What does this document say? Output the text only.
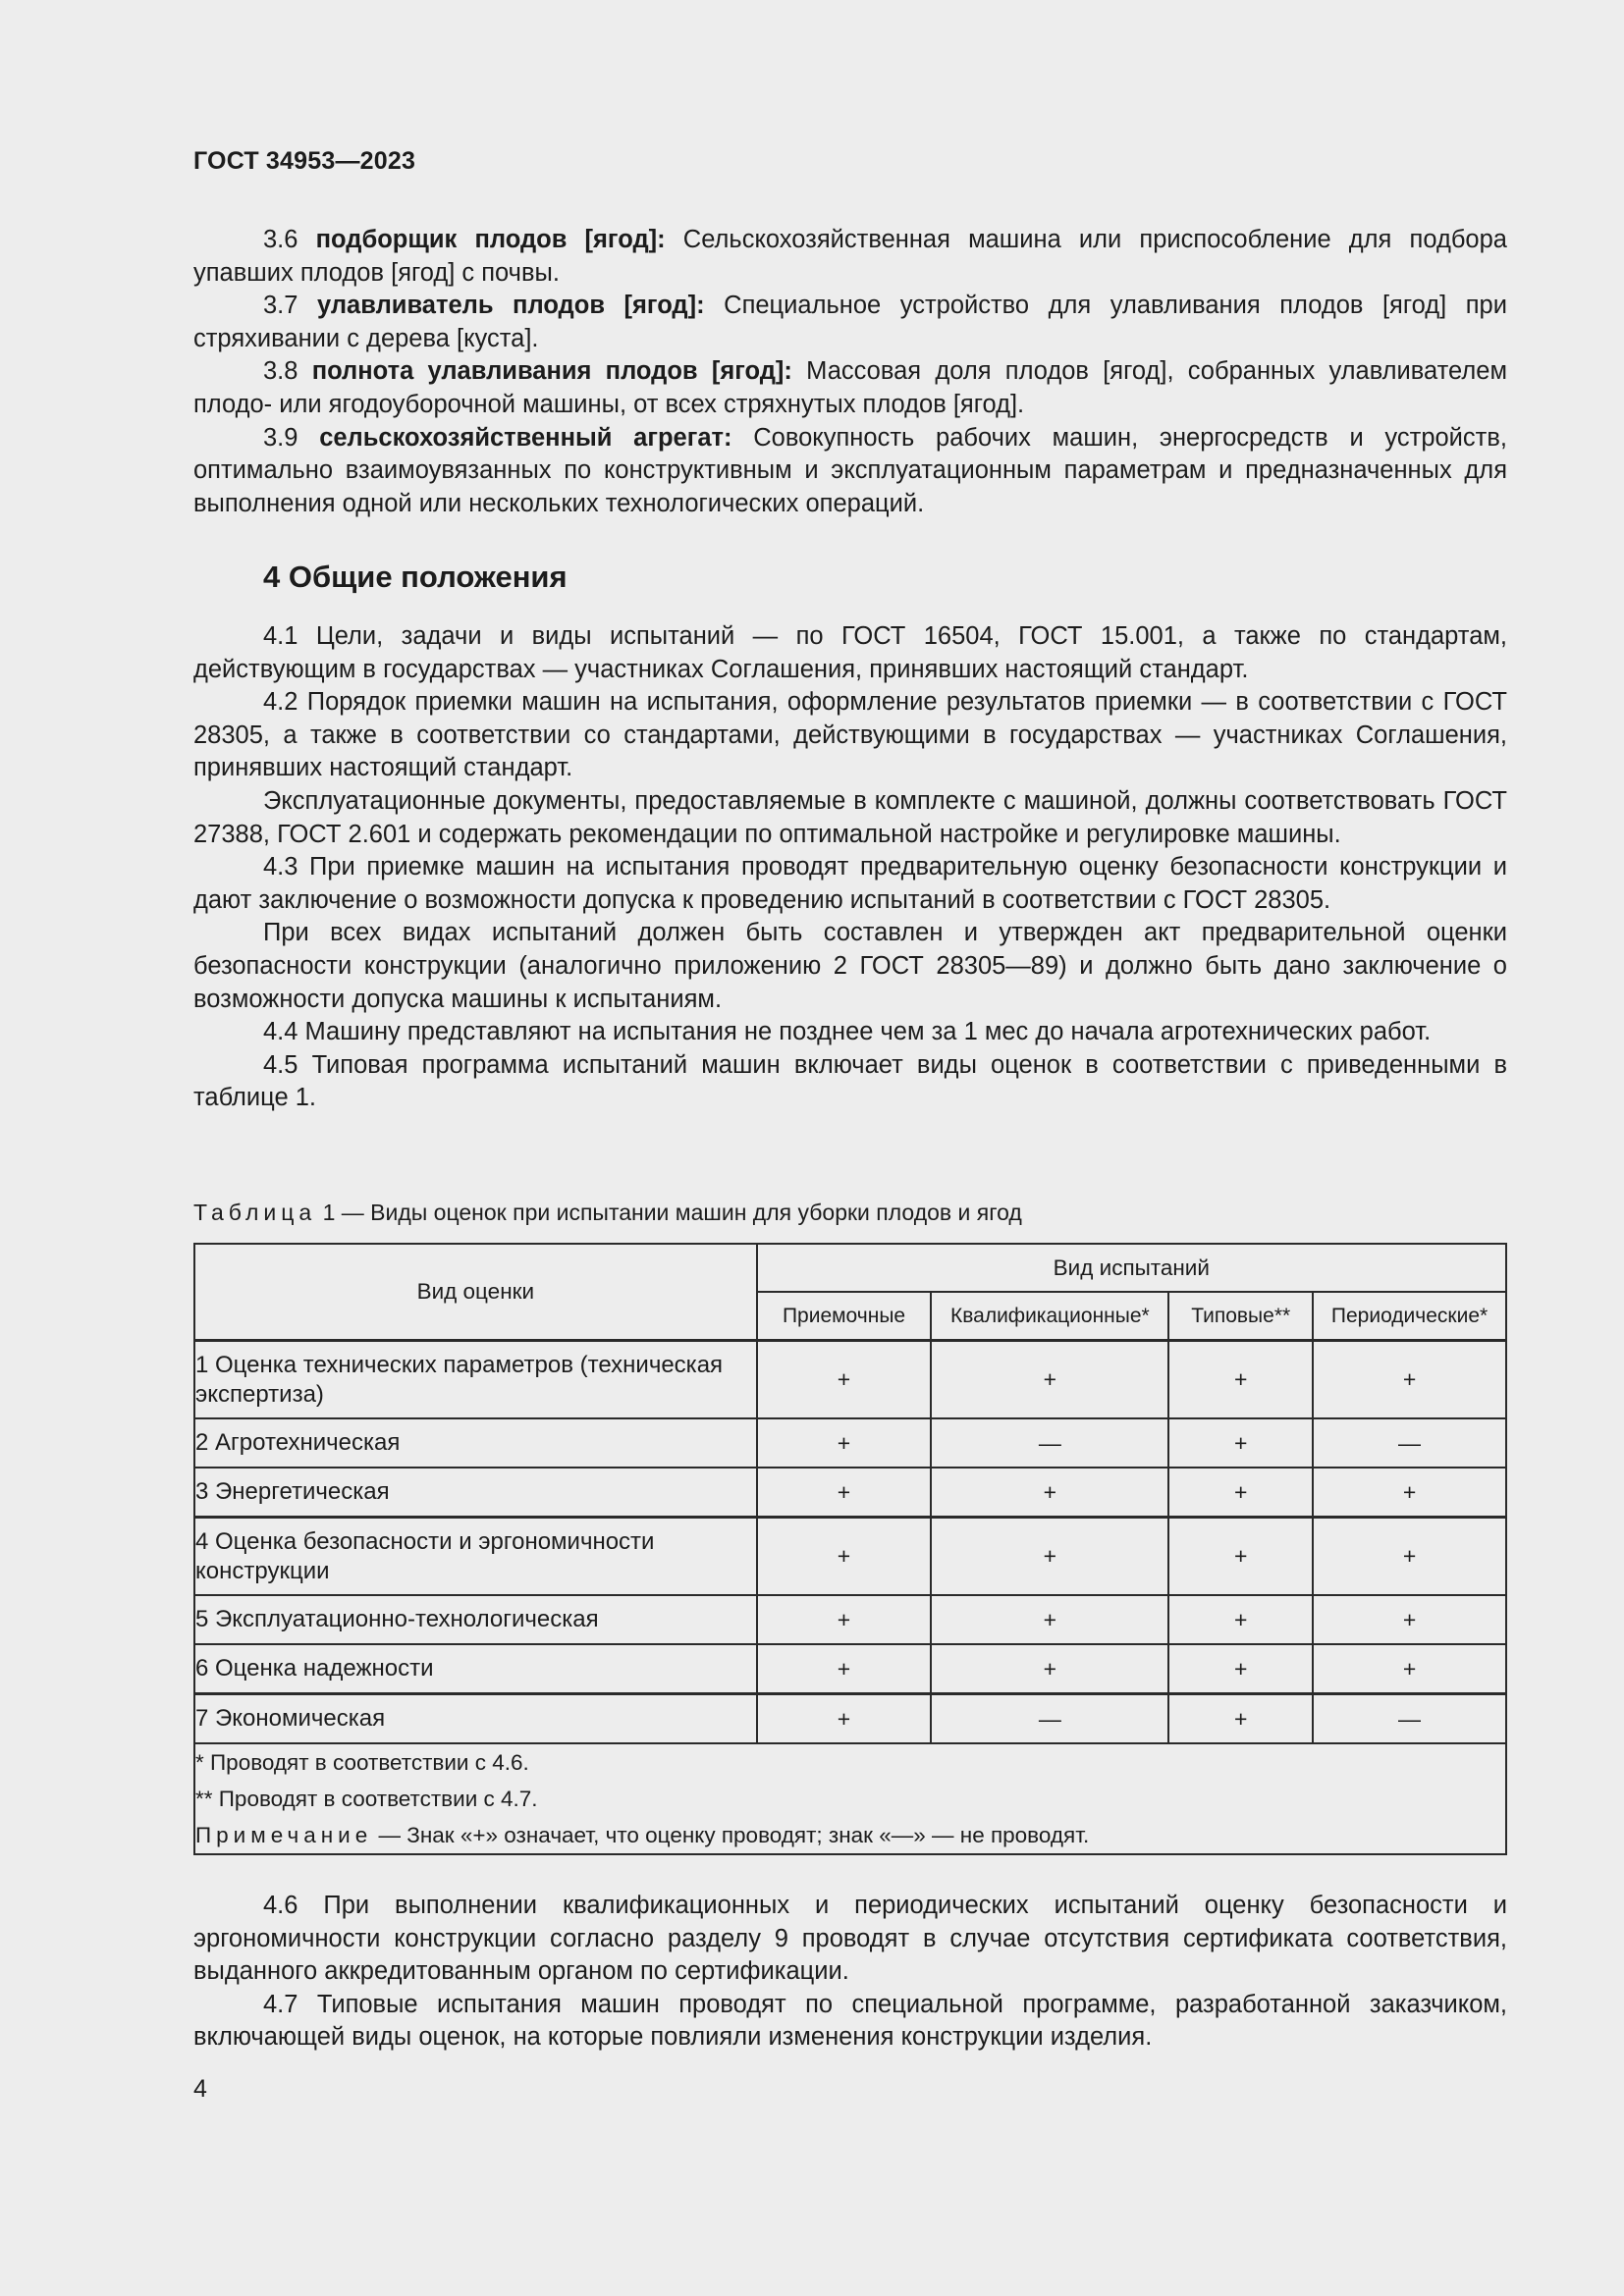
ГОСТ 34953—2023

3.6 подборщик плодов [ягод]: Сельскохозяйственная машина или приспособление для подбора упавших плодов [ягод] с почвы.

3.7 улавливатель плодов [ягод]: Специальное устройство для улавливания плодов [ягод] при стряхивании с дерева [куста].

3.8 полнота улавливания плодов [ягод]: Массовая доля плодов [ягод], собранных улавливателем плодо- или ягодоуборочной машины, от всех стряхнутых плодов [ягод].

3.9 сельскохозяйственный агрегат: Совокупность рабочих машин, энергосредств и устройств, оптимально взаимоувязанных по конструктивным и эксплуатационным параметрам и предназначенных для выполнения одной или нескольких технологических операций.

4 Общие положения

4.1 Цели, задачи и виды испытаний — по ГОСТ 16504, ГОСТ 15.001, а также по стандартам, действующим в государствах — участниках Соглашения, принявших настоящий стандарт.

4.2 Порядок приемки машин на испытания, оформление результатов приемки — в соответствии с ГОСТ 28305, а также в соответствии со стандартами, действующими в государствах — участниках Соглашения, принявших настоящий стандарт.

Эксплуатационные документы, предоставляемые в комплекте с машиной, должны соответствовать ГОСТ 27388, ГОСТ 2.601 и содержать рекомендации по оптимальной настройке и регулировке машины.

4.3 При приемке машин на испытания проводят предварительную оценку безопасности конструкции и дают заключение о возможности допуска к проведению испытаний в соответствии с ГОСТ 28305.

При всех видах испытаний должен быть составлен и утвержден акт предварительной оценки безопасности конструкции (аналогично приложению 2 ГОСТ 28305—89) и должно быть дано заключение о возможности допуска машины к испытаниям.

4.4 Машину представляют на испытания не позднее чем за 1 мес до начала агротехнических работ.

4.5 Типовая программа испытаний машин включает виды оценок в соответствии с приведенными в таблице 1.

Таблица 1 — Виды оценок при испытании машин для уборки плодов и ягод
Вид оценки	Вид испытаний			
	Приемочные	Квалификационные*	Типовые**	Периодические*
1 Оценка технических параметров (техническая экспертиза)	+	+	+	+
2 Агротехническая	+	—	+	—
3 Энергетическая	+	+	+	+
4 Оценка безопасности и эргономичности конструкции	+	+	+	+
5 Эксплуатационно-технологическая	+	+	+	+
6 Оценка надежности	+	+	+	+
7 Экономическая	+	—	+	—

* Проводят в соответствии с 4.6.
** Проводят в соответствии с 4.7.
Примечание — Знак «+» означает, что оценку проводят; знак «—» — не проводят.				

4.6 При выполнении квалификационных и периодических испытаний оценку безопасности и эргономичности конструкции согласно разделу 9 проводят в случае отсутствия сертификата соответствия, выданного аккредитованным органом по сертификации.

4.7 Типовые испытания машин проводят по специальной программе, разработанной заказчиком, включающей виды оценок, на которые повлияли изменения конструкции изделия.

4
